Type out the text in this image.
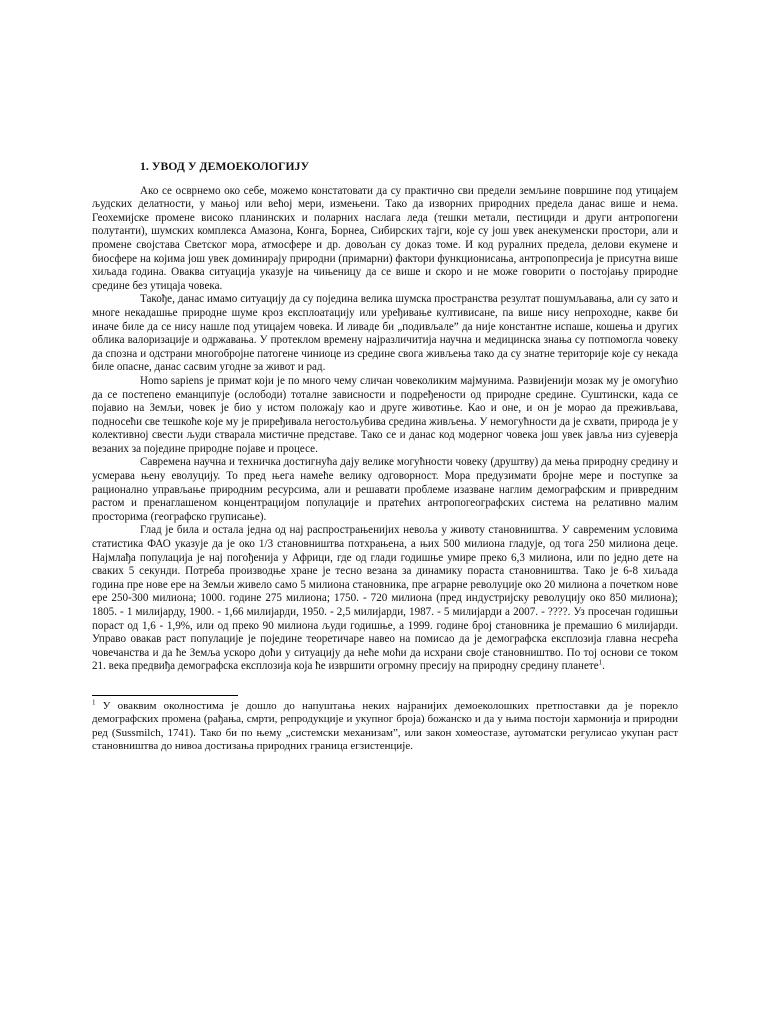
1. УВОД У ДЕМОЕКОЛОГИЈУ

Ако се осврнемо око себе, можемо констатовати да су практично сви предели земљине површине под утицајем људских делатности, у мањој или већој мери, измењени. Тако да изворних природних предела данас више и нема. Геохемијске промене високо планинских и поларних наслага леда (тешки метали, пестициди и други антропогени полутанти), шумских комплекса Амазона, Конга, Борнеа, Сибирских тајги, које су још увек анекуменски простори, али и промене својстава Светског мора, атмосфере и др. довољан су доказ томе. И код руралних предела, делови екумене и биосфере на којима још увек доминирају природни (примарни) фактори функционисања, антропопресија је присутна више хиљада година. Оваква ситуација указује на чињеницу да се више и скоро и не може говорити о постојању природне средине без утицаја човека.

Такође, данас имамо ситуацију да су поједина велика шумска пространства резултат пошумљавања, али су зато и многе некадашње природне шуме кроз експлоатацију или уређивање култивисане, па више нису непроходне, какве би иначе биле да се нису нашле под утицајем човека. И ливаде би „подивљале” да није константне испаше, кошења и других облика валоризације и одржавања. У протеклом времену најразличитија научна и медицинска знања су потпомогла човеку да спозна и одстрани многобројне патогене чиниоце из средине свога живљења тако да су знатне територије које су некада биле опасне, данас сасвим угодне за живот и рад.

Homo sapiens је примат који је по много чему сличан човеколиким мајмунима. Развијенији мозак му је омогућио да се постепено еманципује (ослободи) тоталне зависности и подређености од природне средине. Суштински, када се појавио на Земљи, човек је био у истом положају као и друге животиње. Као и оне, и он је морао да преживљава, подносећи све тешкоће које му је приређивала негостољубива средина живљења. У немогућности да је схвати, природа је у колективној свести људи стварала мистичне представе. Тако се и данас код модерног човека још увек јавља низ сујеверја везаних за поједине природне појаве и процесе.

Савремена научна и техничка достигнућа дају велике могућности човеку (друштву) да мења природну средину и усмерава њену еволуцију. То пред њега намеће велику одговорност. Мора предузимати бројне мере и поступке за рационално управљање природним ресурсима, али и решавати проблеме изазване наглим демографским и привредним растом и пренаглашеном концентрацијом популације и пратећих антропогеографских система на релативно малим просторима (географско груписање).

Глад је била и остала једна од нај распрострањенијих невоља у животу становништва. У савременим условима статистика ФАО указује да је око 1/3 становништва потхрањена, а њих 500 милиона гладује, од тога 250 милиона деце. Најмлађа популација је нај погођенија у Африци, где од глади годишње умире преко 6,3 милиона, или по једно дете на сваких 5 секунди. Потреба производње хране је тесно везана за динамику пораста становништва. Тако је 6-8 хиљада година пре нове ере на Земљи живело само 5 милиона становника, пре аграрне револуције око 20 милиона а почетком нове ере 250-300 милиона; 1000. године 275 милиона; 1750. - 720 милиона (пред индустријску револуцију око 850 милиона); 1805. - 1 милијарду, 1900. - 1,66 милијарди, 1950. - 2,5 милијарди, 1987. - 5 милијарди а 2007. - ????. Уз просечан годишњи пораст од 1,6 - 1,9%, или од преко 90 милиона људи годишње, а 1999. године број становника је премашио 6 милијарди. Управо овакав раст популације је поједине теоретичаре навео на помисао да је демографска експлозија главна несрећа човечанства и да ће Земља ускоро доћи у ситуацију да неће моћи да исхрани своје становништво. По тој основи се током 21. века предвиђа демографска експлозија која ће извршити огромну пресију на природну средину планете$^1$.

$^1$ У оваквим околностима је дошло до напуштања неких најранијих демоеколошких претпоставки да је порекло демографских промена (рађања, смрти, репродукције и укупног броја) божанско и да у њима постоји хармонија и природни ред (Sussmilch, 1741). Тако би по њему „системски механизам”, или закон хомеостазе, аутоматски регулисао укупан раст становништва до нивоа достизања природних граница егзистенције.
